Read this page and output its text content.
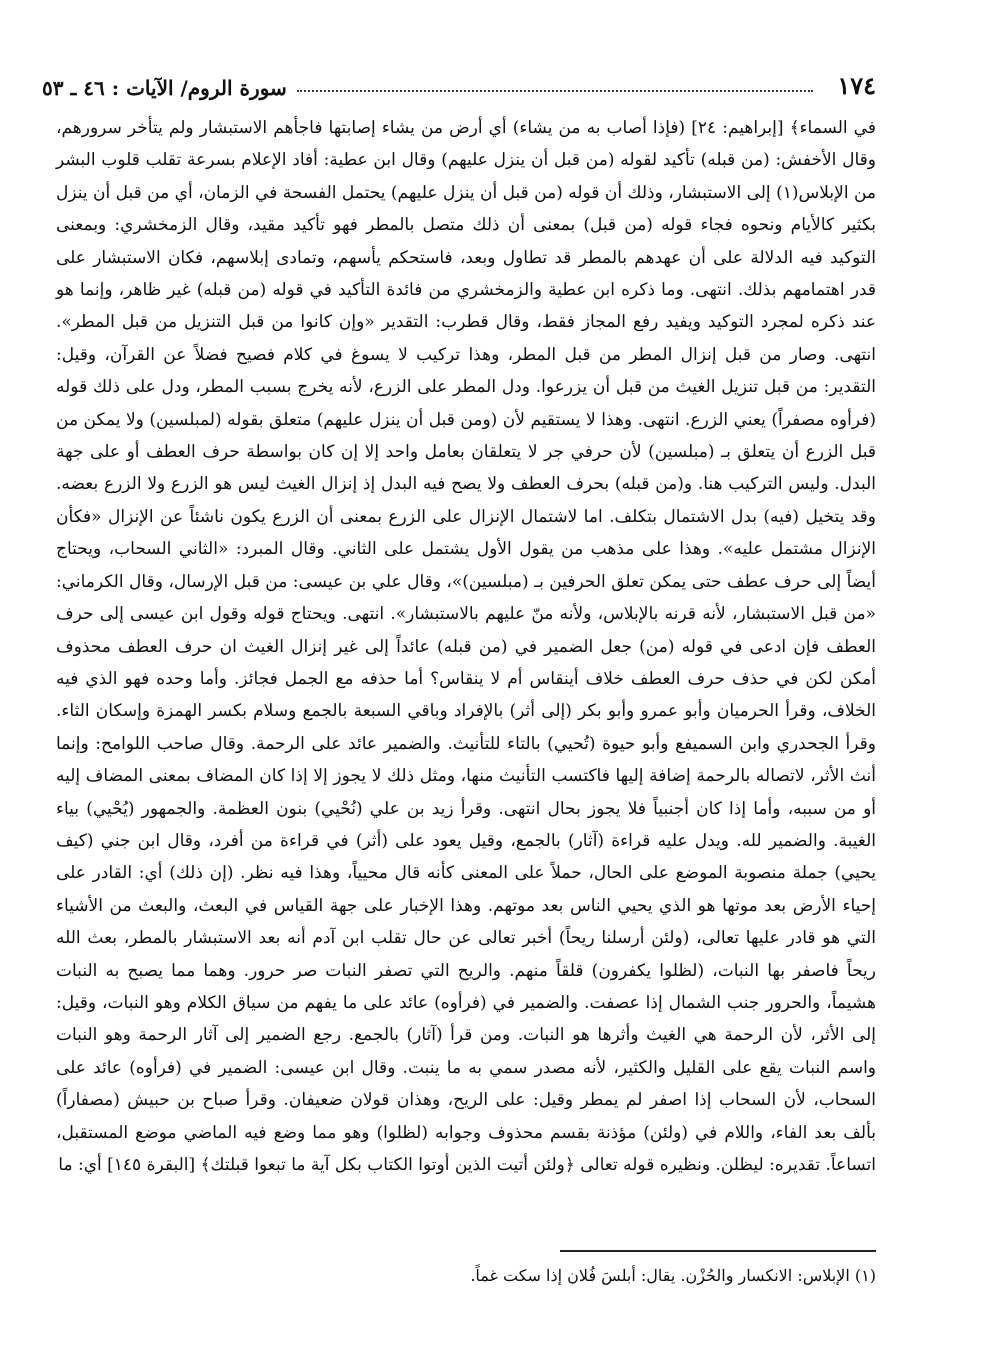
١٧٤
سورة الروم/ الآيات : ٤٦ ـ ٥٣

في السماء﴾ [إبراهيم: ٢٤] (فإذا أصاب به من يشاء) أي أرض من يشاء إصابتها فاجأهم الاستبشار ولم يتأخر سرورهم، وقال الأخفش: (من قبله) تأكيد لقوله (من قبل أن ينزل عليهم) وقال ابن عطية: أفاد الإعلام بسرعة تقلب قلوب البشر من الإبلاس(١) إلى الاستبشار، وذلك أن قوله (من قبل أن ينزل عليهم) يحتمل الفسحة في الزمان، أي من قبل أن ينزل بكثير كالأيام ونحوه فجاء قوله (من قبل) بمعنى أن ذلك متصل بالمطر فهو تأكيد مقيد، وقال الزمخشري: وبمعنى التوكيد فيه الدلالة على أن عهدهم بالمطر قد تطاول وبعد، فاستحكم يأسهم، وتمادى إبلاسهم، فكان الاستبشار على قدر اهتمامهم بذلك. انتهى. وما ذكره ابن عطية والزمخشري من فائدة التأكيد في قوله (من قبله) غير ظاهر، وإنما هو عند ذكره لمجرد التوكيد ويفيد رفع المجاز فقط، وقال قطرب: التقدير «وإن كانوا من قبل التنزيل من قبل المطر». انتهى. وصار من قبل إنزال المطر من قبل المطر، وهذا تركيب لا يسوغ في كلام فصيح فضلاً عن القرآن، وقيل: التقدير: من قبل تنزيل الغيث من قبل أن يزرعوا. ودل المطر على الزرع، لأنه يخرج بسبب المطر، ودل على ذلك قوله (فرأوه مصفراً) يعني الزرع. انتهى. وهذا لا يستقيم لأن (ومن قبل أن ينزل عليهم) متعلق بقوله (لمبلسين) ولا يمكن من قبل الزرع أن يتعلق بـ (مبلسين) لأن حرفي جر لا يتعلقان بعامل واحد إلا إن كان بواسطة حرف العطف أو على جهة البدل. وليس التركيب هنا. و(من قبله) بحرف العطف ولا يصح فيه البدل إذ إنزال الغيث ليس هو الزرع ولا الزرع بعضه. وقد يتخيل (فيه) بدل الاشتمال بتكلف. اما لاشتمال الإنزال على الزرع بمعنى أن الزرع يكون ناشئاً عن الإنزال «فكأن الإنزال مشتمل عليه». وهذا على مذهب من يقول الأول يشتمل على الثاني. وقال المبرد: «الثاني السحاب، ويحتاج أيضاً إلى حرف عطف حتى يمكن تعلق الحرفين بـ (مبلسين)»، وقال علي بن عيسى: من قبل الإرسال، وقال الكرماني: «من قبل الاستبشار، لأنه قرنه بالإبلاس، ولأنه منّ عليهم بالاستبشار». انتهى. ويحتاج قوله وقول ابن عيسى إلى حرف العطف فإن ادعى في قوله (من) جعل الضمير في (من قبله) عائداً إلى غير إنزال الغيث ان حرف العطف محذوف أمكن لكن في حذف حرف العطف خلاف أينقاس أم لا ينقاس؟ أما حذفه مع الجمل فجائز. وأما وحده فهو الذي فيه الخلاف، وقرأ الحرميان وأبو عمرو وأبو بكر (إلى أثر) بالإفراد وباقي السبعة بالجمع وسلام بكسر الهمزة وإسكان الثاء. وقرأ الجحدري وابن السميفع وأبو حيوة (تُحيي) بالتاء للتأنيث. والضمير عائد على الرحمة. وقال صاحب اللوامح: وإنما أنث الأثر، لاتصاله بالرحمة إضافة إليها فاكتسب التأنيث منها، ومثل ذلك لا يجوز إلا إذا كان المضاف بمعنى المضاف إليه أو من سببه، وأما إذا كان أجنبياً فلا يجوز بحال انتهى. وقرأ زيد بن علي (نُحْيي) بنون العظمة. والجمهور (يُحْيي) بياء الغيبة. والضمير لله. ويدل عليه قراءة (آثار) بالجمع، وقيل يعود على (أثر) في قراءة من أفرد، وقال ابن جني (كيف يحيي) جملة منصوبة الموضع على الحال، حملاً على المعنى كأنه قال محيياً، وهذا فيه نظر. (إن ذلك) أي: القادر على إحياء الأرض بعد موتها هو الذي يحيي الناس بعد موتهم. وهذا الإخبار على جهة القياس في البعث، والبعث من الأشياء التي هو قادر عليها تعالى، (ولئن أرسلنا ريحاً) أخبر تعالى عن حال تقلب ابن آدم أنه بعد الاستبشار بالمطر، بعث الله ريحاً فاصفر بها النبات، (لظلوا يكفرون) قلقاً منهم. والريح التي تصفر النبات صر حرور. وهما مما يصبح به النبات هشيماً، والحرور جنب الشمال إذا عصفت. والضمير في (فرأوه) عائد على ما يفهم من سياق الكلام وهو النبات، وقيل: إلى الأثر، لأن الرحمة هي الغيث وأثرها هو النبات. ومن قرأ (آثار) بالجمع. رجع الضمير إلى آثار الرحمة وهو النبات واسم النبات يقع على القليل والكثير، لأنه مصدر سمي به ما ينبت. وقال ابن عيسى: الضمير في (فرأوه) عائد على السحاب، لأن السحاب إذا اصفر لم يمطر وقيل: على الريح، وهذان قولان ضعيفان. وقرأ صباح بن حبيش (مصفاراً) بألف بعد الفاء، واللام في (ولئن) مؤذنة بقسم محذوف وجوابه (لظلوا) وهو مما وضع فيه الماضي موضع المستقبل، اتساعاً. تقديره: ليظلن. ونظيره قوله تعالى ﴿ولئن أتيت الذين أوتوا الكتاب بكل آية ما تبعوا قبلتك﴾ [البقرة ١٤٥] أي: ما

(١) الإبلاس: الانكسار والحُزْن. يقال: أبلسَ فُلان إذا سكت غماً.
